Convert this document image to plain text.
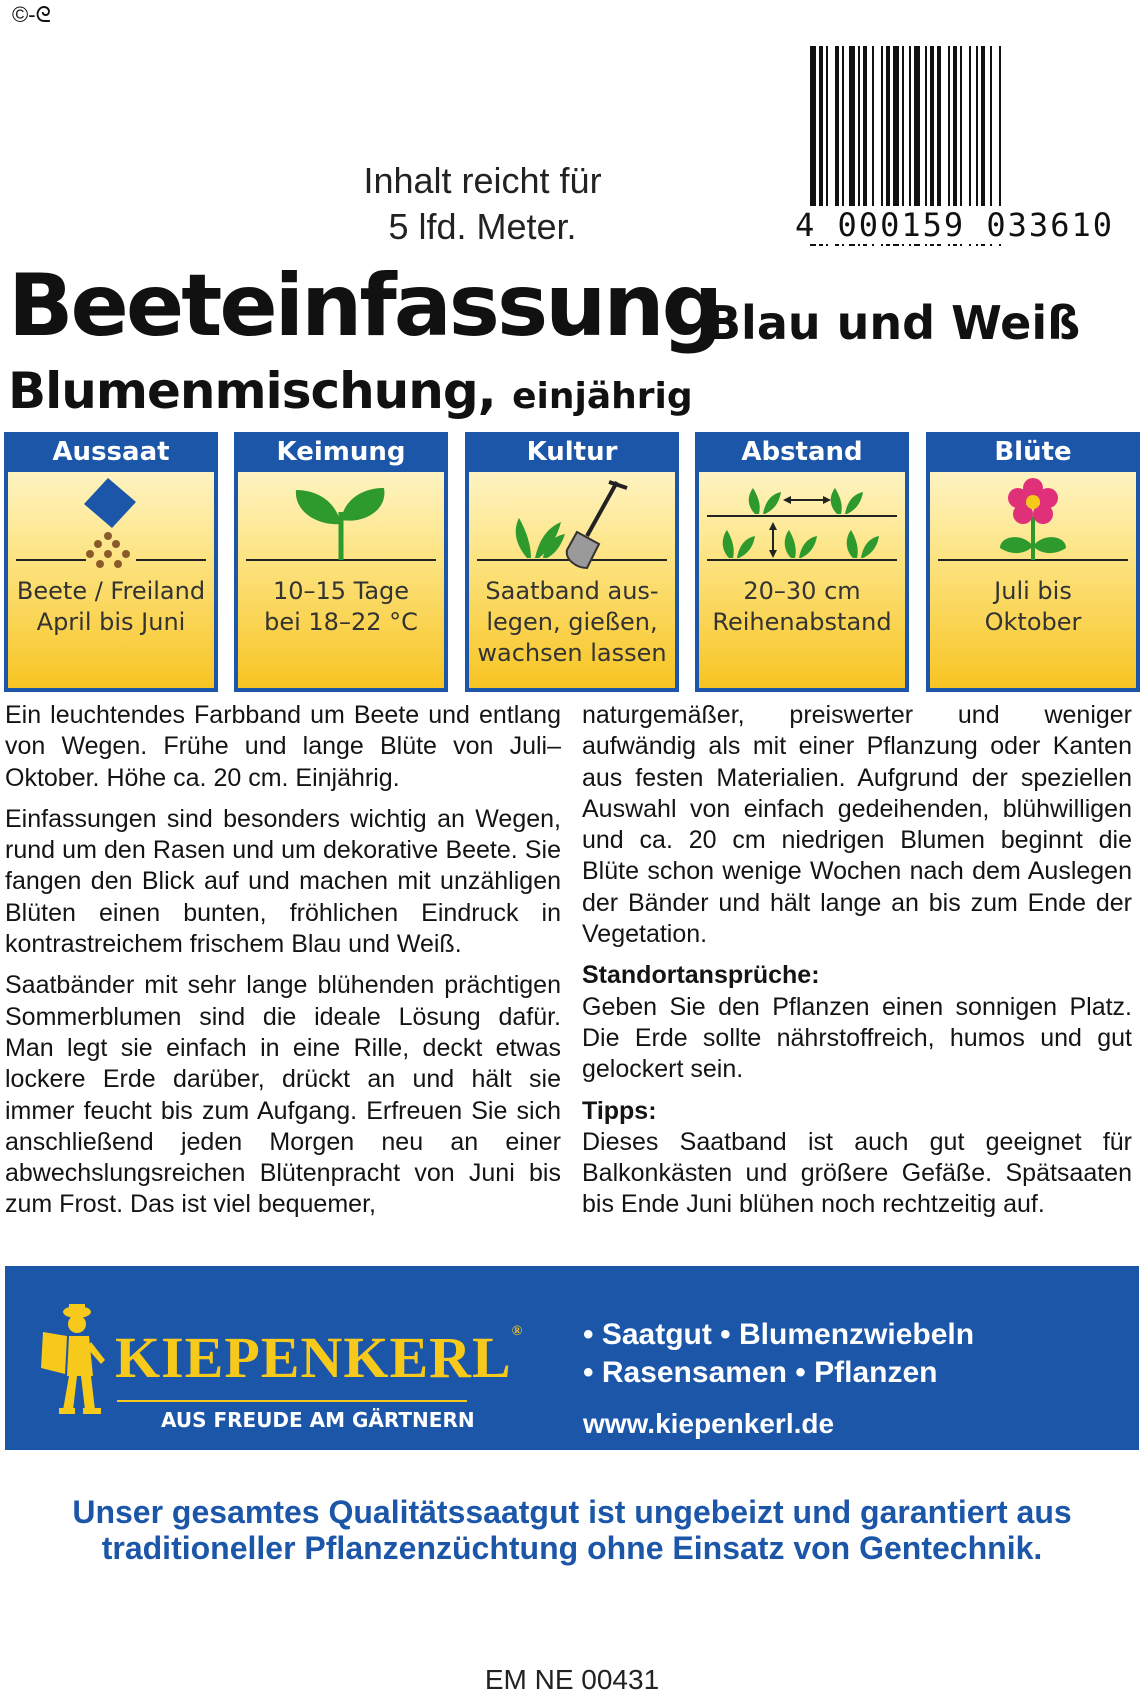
©-ᘓ
Inhalt reicht für
5 lfd. Meter.	4 000159 033610
Beeteinfassung
Blau und Weiß
Blumenmischung, einjährig
Aussaat
Beete / Freiland
April bis Juni
Keimung
10–15 Tage
bei 18–22 °C
Kultur
Saatband aus-
legen, gießen,
wachsen lassen
Abstand
20–30 cm
Reihenabstand
Blüte
Juli bis
Oktober

Ein leuchtendes Farbband um Beete und entlang von Wegen. Frühe und lange Blüte von Juli–Oktober. Höhe ca. 20 cm. Einjährig.

Einfassungen sind besonders wichtig an Wegen, rund um den Rasen und um dekorative Beete. Sie fangen den Blick auf und machen mit unzähligen Blüten einen bunten, fröhlichen Eindruck in kontrastreichem frischem Blau und Weiß.

Saatbänder mit sehr lange blühenden prächtigen Sommerblumen sind die ideale Lösung dafür. Man legt sie einfach in eine Rille, deckt etwas lockere Erde darüber, drückt an und hält sie immer feucht bis zum Aufgang. Erfreuen Sie sich anschließend jeden Morgen neu an einer abwechslungsreichen Blütenpracht von Juni bis zum Frost. Das ist viel bequemer,

naturgemäßer, preiswerter und weniger aufwändig als mit einer Pflanzung oder Kanten aus festen Materialien. Aufgrund der speziellen Auswahl von einfach gedeihenden, blühwilligen und ca. 20 cm niedrigen Blumen beginnt die Blüte schon wenige Wochen nach dem Auslegen der Bänder und hält lange an bis zum Ende der Vegetation.

Standortansprüche:

Geben Sie den Pflanzen einen sonnigen Platz. Die Erde sollte nährstoffreich, humos und gut gelockert sein.

Tipps:

Dieses Saatband ist auch gut geeignet für Balkonkästen und größere Gefäße. Spätsaaten bis Ende Juni blühen noch rechtzeitig auf.

KIEPENKERL®
AUS FREUDE AM GÄRTNERN
• Saatgut • Blumenzwiebeln
• Rasensamen • Pflanzen
www.kiepenkerl.de
Unser gesamtes Qualitätssaatgut ist ungebeizt und garantiert aus
traditioneller Pflanzenzüchtung ohne Einsatz von Gentechnik.
EM NE 00431
